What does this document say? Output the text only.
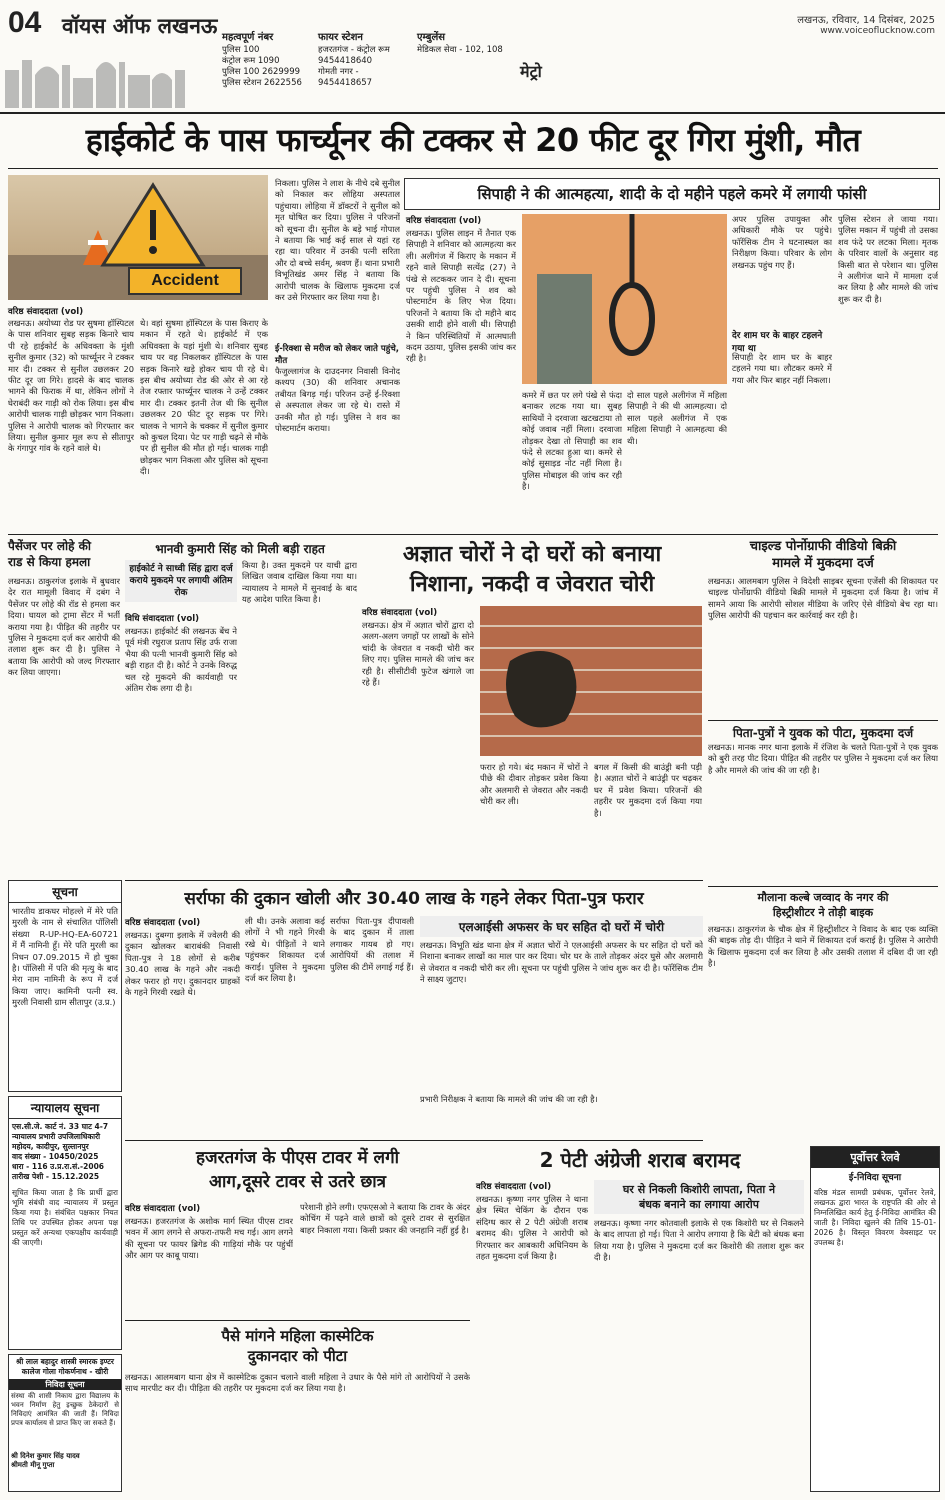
04 वॉयस ऑफ लखनऊ महत्वपूर्ण नंबर
पुलिस 100
कंट्रोल रूम 1090
पुलिस 100 2629999
पुलिस स्टेशन 2622556
फायर स्टेशन
हजरतगंज - कंट्रोल रूम
9454418640
गोमती नगर - 9454418657
एम्बुलेंस
मेडिकल सेवा - 102, 108
मेट्रो
लखनऊ, रविवार, 14 दिसंबर, 2025
www.voiceoflucknow.com
हाईकोर्ट के पास फार्च्यूनर की टक्कर से 20 फीट दूर गिरा मुंशी, मौत
Accident
वरिष्ठ संवाददाता (vol)
लखनऊ। अयोध्या रोड पर सुषमा हॉस्पिटल के पास शनिवार सुबह सड़क किनारे चाय पी रहे हाईकोर्ट के अधिवक्ता के मुंशी सुनील कुमार (32) को फार्च्यूनर ने टक्कर मार दी। टक्कर से सुनील उछलकर 20 फीट दूर जा गिरे। हादसे के बाद चालक भागने की फिराक में था, लेकिन लोगों ने घेराबंदी कर गाड़ी को रोक लिया। इस बीच आरोपी चालक गाड़ी छोड़कर भाग निकला। पुलिस ने आरोपी चालक को गिरफ्तार कर लिया। सुनील कुमार मूल रूप से सीतापुर के गंगापुर गांव के रहने वाले थे।
थे। वहां सुषमा हॉस्पिटल के पास किराए के मकान में रहते थे। हाईकोर्ट में एक अधिवक्ता के यहां मुंशी थे। शनिवार सुबह चाय पर वह निकलकर हॉस्पिटल के पास सड़क किनारे खड़े होकर चाय पी रहे थे। इस बीच अयोध्या रोड की ओर से आ रहे तेज रफ्तार फार्च्यूनर चालक ने उन्हें टक्कर मार दी। टक्कर इतनी तेज थी कि सुनील उछलकर 20 फीट दूर सड़क पर गिरे। चालक ने भागने के चक्कर में सुनील कुमार को कुचल दिया। पेट पर गाड़ी चढ़ने से मौके पर ही सुनील की मौत हो गई। चालक गाड़ी छोड़कर भाग निकला और पुलिस को सूचना दी।
निकला। पुलिस ने लाश के नीचे दबे सुनील को निकाल कर लोहिया अस्पताल पहुंचाया। लोहिया में डॉक्टरों ने सुनील को मृत घोषित कर दिया। पुलिस ने परिजनों को सूचना दी। सुनील के बड़े भाई गोपाल ने बताया कि भाई कई साल से यहां रह रहा था। परिवार में उनकी पत्नी सरिता और दो बच्चे सर्वम्, श्रवण हैं। थाना प्रभारी विभूतिखंड अमर सिंह ने बताया कि आरोपी चालक के खिलाफ मुकदमा दर्ज कर उसे गिरफ्तार कर लिया गया है।
ई-रिक्शा से मरीज को लेकर जाते पहुंचे, मौत
फैजुल्लागंज के दाउदनगर निवासी विनोद कश्यप (30) की शनिवार अचानक तबीयत बिगड़ गई। परिजन उन्हें ई-रिक्शा से अस्पताल लेकर जा रहे थे। रास्ते में उनकी मौत हो गई। पुलिस ने शव का पोस्टमार्टम कराया।
सिपाही ने की आत्महत्या, शादी के दो महीने पहले कमरे में लगायी फांसी
वरिष्ठ संवाददाता (vol)
लखनऊ। पुलिस लाइन में तैनात एक सिपाही ने शनिवार को आत्महत्या कर ली। अलीगंज में किराए के मकान में रहने वाले सिपाही सत्येंद्र (27) ने पंखे से लटककर जान दे दी। सूचना पर पहुंची पुलिस ने शव को पोस्टमार्टम के लिए भेज दिया। परिजनों ने बताया कि दो महीने बाद उसकी शादी होने वाली थी। सिपाही ने किन परिस्थितियों में आत्मघाती कदम उठाया, पुलिस इसकी जांच कर रही है।
कमरे में छत पर लगे पंखे से फंदा बनाकर लटक गया था। सुबह साथियों ने दरवाजा खटखटाया तो कोई जवाब नहीं मिला। दरवाजा तोड़कर देखा तो सिपाही का शव फंदे से लटका हुआ था। कमरे से कोई सुसाइड नोट नहीं मिला है। पुलिस मोबाइल की जांच कर रही है।
दो साल पहले अलीगंज में महिला सिपाही ने की थी आत्महत्या। दो साल पहले अलीगंज में एक महिला सिपाही ने आत्महत्या की थी।
अपर पुलिस उपायुक्त और अधिकारी मौके पर पहुंचे। फॉरेंसिक टीम ने घटनास्थल का निरीक्षण किया। परिवार के लोग लखनऊ पहुंच गए हैं।
देर शाम घर के बाहर टहलने गया था
सिपाही देर शाम घर के बाहर टहलने गया था। लौटकर कमरे में गया और फिर बाहर नहीं निकला।
पुलिस स्टेशन ले जाया गया। पुलिस मकान में पहुंची तो उसका शव फंदे पर लटका मिला। मृतक के परिवार वालों के अनुसार वह किसी बात से परेशान था। पुलिस ने अलीगंज थाने में मामला दर्ज कर लिया है और मामले की जांच शुरू कर दी है।
पैसेंजर पर लोहे की
राड से किया हमला
लखनऊ। ठाकुरगंज इलाके में बुधवार देर रात मामूली विवाद में दबंग ने पैसेंजर पर लोहे की रॉड से हमला कर दिया। घायल को ट्रामा सेंटर में भर्ती कराया गया है। पीड़ित की तहरीर पर पुलिस ने मुकदमा दर्ज कर आरोपी की तलाश शुरू कर दी है। पुलिस ने बताया कि आरोपी को जल्द गिरफ्तार कर लिया जाएगा।
भानवी कुमारी सिंह को मिली बड़ी राहत
हाईकोर्ट ने साध्वी सिंह द्वारा दर्ज कराये मुकदमे पर लगायी अंतिम रोक
विधि संवाददाता (vol)
लखनऊ। हाईकोर्ट की लखनऊ बेंच ने पूर्व मंत्री रघुराज प्रताप सिंह उर्फ राजा भैया की पत्नी भानवी कुमारी सिंह को बड़ी राहत दी है। कोर्ट ने उनके विरुद्ध चल रहे मुकदमे की कार्यवाही पर अंतिम रोक लगा दी है।
किया है। उक्त मुकदमे पर याची द्वारा लिखित जवाब दाखिल किया गया था। न्यायालय ने मामले में सुनवाई के बाद यह आदेश पारित किया है।
अज्ञात चोरों ने दो घरों को बनाया
निशाना, नकदी व जेवरात चोरी
वरिष्ठ संवाददाता (vol)
लखनऊ। क्षेत्र में अज्ञात चोरों द्वारा दो अलग-अलग जगहों पर लाखों के सोने चांदी के जेवरात व नकदी चोरी कर लिए गए। पुलिस मामले की जांच कर रही है। सीसीटीवी फुटेज खंगाले जा रहे हैं।
फरार हो गये। बंद मकान में चोरों ने पीछे की दीवार तोड़कर प्रवेश किया और अलमारी से जेवरात और नकदी चोरी कर ली।
बगल में किसी की बाउंड्री बनी पड़ी है। अज्ञात चोरों ने बाउंड्री पर चढ़कर घर में प्रवेश किया। परिजनों की तहरीर पर मुकदमा दर्ज किया गया है।
चाइल्ड पोर्नोग्राफी वीडियो बिक्री
मामले में मुकदमा दर्ज
लखनऊ। आलमबाग पुलिस ने विदेशी साइबर सूचना एजेंसी की शिकायत पर चाइल्ड पोर्नोग्राफी वीडियो बिक्री मामले में मुकदमा दर्ज किया है। जांच में सामने आया कि आरोपी सोशल मीडिया के जरिए ऐसे वीडियो बेच रहा था। पुलिस आरोपी की पहचान कर कार्रवाई कर रही है।
पिता-पुत्रों ने युवक को पीटा, मुकदमा दर्ज
लखनऊ। मानक नगर थाना इलाके में रंजिश के चलते पिता-पुत्रों ने एक युवक को बुरी तरह पीट दिया। पीड़ित की तहरीर पर पुलिस ने मुकदमा दर्ज कर लिया है और मामले की जांच की जा रही है।
मौलाना कल्बे जव्वाद के नगर की
हिस्ट्रीशीटर ने तोड़ी बाइक
लखनऊ। ठाकुरगंज के चौक क्षेत्र में हिस्ट्रीशीटर ने विवाद के बाद एक व्यक्ति की बाइक तोड़ दी। पीड़ित ने थाने में शिकायत दर्ज कराई है। पुलिस ने आरोपी के खिलाफ मुकदमा दर्ज कर लिया है और उसकी तलाश में दबिश दी जा रही है।
सूचना
भारतीय डाकघर मोहल्ले में मेरे पति मुरली के नाम से संचालित पॉलिसी संख्या R-UP-HQ-EA-60721 में मैं नामिनी हूँ। मेरे पति मुरली का निधन 07.09.2015 में हो चुका है। पॉलिसी में पति की मृत्यु के बाद मेरा नाम नामिनी के रूप में दर्ज किया जाए। कामिनी पत्नी स्व. मुरली निवासी ग्राम सीतापुर (उ.प्र.)
न्यायालय सूचना
एस.सी.जे. कार्ट नं. 33 घाट 4-7
न्यायालय प्रभारी उपजिलाधिकारी
महोदय, कादीपुर, सुल्तानपुर
वाद संख्या - 10450/2025
धारा - 116 उ.प्र.रा.सं.-2006
तारीख पेशी - 15.12.2025
सूचित किया जाता है कि प्रार्थी द्वारा भूमि संबंधी वाद न्यायालय में प्रस्तुत किया गया है। संबंधित पक्षकार नियत तिथि पर उपस्थित होकर अपना पक्ष प्रस्तुत करें अन्यथा एकपक्षीय कार्यवाही की जाएगी।
सर्राफा की दुकान खोली और 30.40 लाख के गहने लेकर पिता-पुत्र फरार
वरिष्ठ संवाददाता (vol)
लखनऊ। दुबग्गा इलाके में ज्वेलरी की दुकान खोलकर बाराबंकी निवासी पिता-पुत्र ने 18 लोगों से करीब 30.40 लाख के गहने और नकदी लेकर फरार हो गए। दुकानदार ग्राहकों के गहने गिरवी रखते थे।
ली थी। उनके अलावा कई लोगों ने भी गहने गिरवी रखे थे। पीड़ितों ने थाने पहुंचकर शिकायत दर्ज कराई। पुलिस ने मुकदमा दर्ज कर लिया है।
सर्राफा पिता-पुत्र दीपावली के बाद दुकान में ताला लगाकर गायब हो गए। आरोपियों की तलाश में पुलिस की टीमें लगाई गई हैं।
एलआईसी अफसर के घर सहित दो घरों में चोरी
लखनऊ। विभूति खंड थाना क्षेत्र में अज्ञात चोरों ने एलआईसी अफसर के घर सहित दो घरों को निशाना बनाकर लाखों का माल पार कर दिया। चोर घर के ताले तोड़कर अंदर घुसे और अलमारी से जेवरात व नकदी चोरी कर ली। सूचना पर पहुंची पुलिस ने जांच शुरू कर दी है। फॉरेंसिक टीम ने साक्ष्य जुटाए।
प्रभारी निरीक्षक ने बताया कि मामले की जांच की जा रही है।
हजरतगंज के पीएस टावर में लगी
आग,दूसरे टावर से उतरे छात्र
वरिष्ठ संवाददाता (vol)
लखनऊ। हजरतगंज के अशोक मार्ग स्थित पीएस टावर भवन में आग लगने से अफरा-तफरी मच गई। आग लगने की सूचना पर फायर ब्रिगेड की गाड़ियां मौके पर पहुंचीं और आग पर काबू पाया।
परेशानी होने लगी। एफएसओ ने बताया कि टावर के अंदर कोचिंग में पढ़ने वाले छात्रों को दूसरे टावर से सुरक्षित बाहर निकाला गया। किसी प्रकार की जनहानि नहीं हुई है।
पैसे मांगने महिला कास्मेटिक
दुकानदार को पीटा
लखनऊ। आलमबाग थाना क्षेत्र में कास्मेटिक दुकान चलाने वाली महिला ने उधार के पैसे मांगे तो आरोपियों ने उसके साथ मारपीट कर दी। पीड़िता की तहरीर पर मुकदमा दर्ज कर लिया गया है।
2 पेटी अंग्रेजी शराब बरामद
वरिष्ठ संवाददाता (vol)
लखनऊ। कृष्णा नगर पुलिस ने थाना क्षेत्र स्थित चेकिंग के दौरान एक संदिग्ध कार से 2 पेटी अंग्रेजी शराब बरामद की। पुलिस ने आरोपी को गिरफ्तार कर आबकारी अधिनियम के तहत मुकदमा दर्ज किया है।
घर से निकली किशोरी लापता, पिता ने
बंधक बनाने का लगाया आरोप
लखनऊ। कृष्णा नगर कोतवाली इलाके से एक किशोरी घर से निकलने के बाद लापता हो गई। पिता ने आरोप लगाया है कि बेटी को बंधक बना लिया गया है। पुलिस ने मुकदमा दर्ज कर किशोरी की तलाश शुरू कर दी है।
पूर्वोत्तर रेलवे
ई-निविदा सूचना
वरिष्ठ मंडल सामग्री प्रबंधक, पूर्वोत्तर रेलवे, लखनऊ द्वारा भारत के राष्ट्रपति की ओर से निम्नलिखित कार्य हेतु ई-निविदा आमंत्रित की जाती है। निविदा खुलने की तिथि 15-01-2026 है। विस्तृत विवरण वेबसाइट पर उपलब्ध है।
श्री लाल बहादुर शास्त्री स्मारक इण्टर कालेज गोला गोकर्णनाथ - खीरी
निविदा सूचना
संस्था की शासी निकाय द्वारा विद्यालय के भवन निर्माण हेतु इच्छुक ठेकेदारों से निविदाएं आमंत्रित की जाती हैं। निविदा प्रपत्र कार्यालय से प्राप्त किए जा सकते हैं।
श्री दिनेश कुमार सिंह यादव
श्रीमती मीनू गुप्ता
